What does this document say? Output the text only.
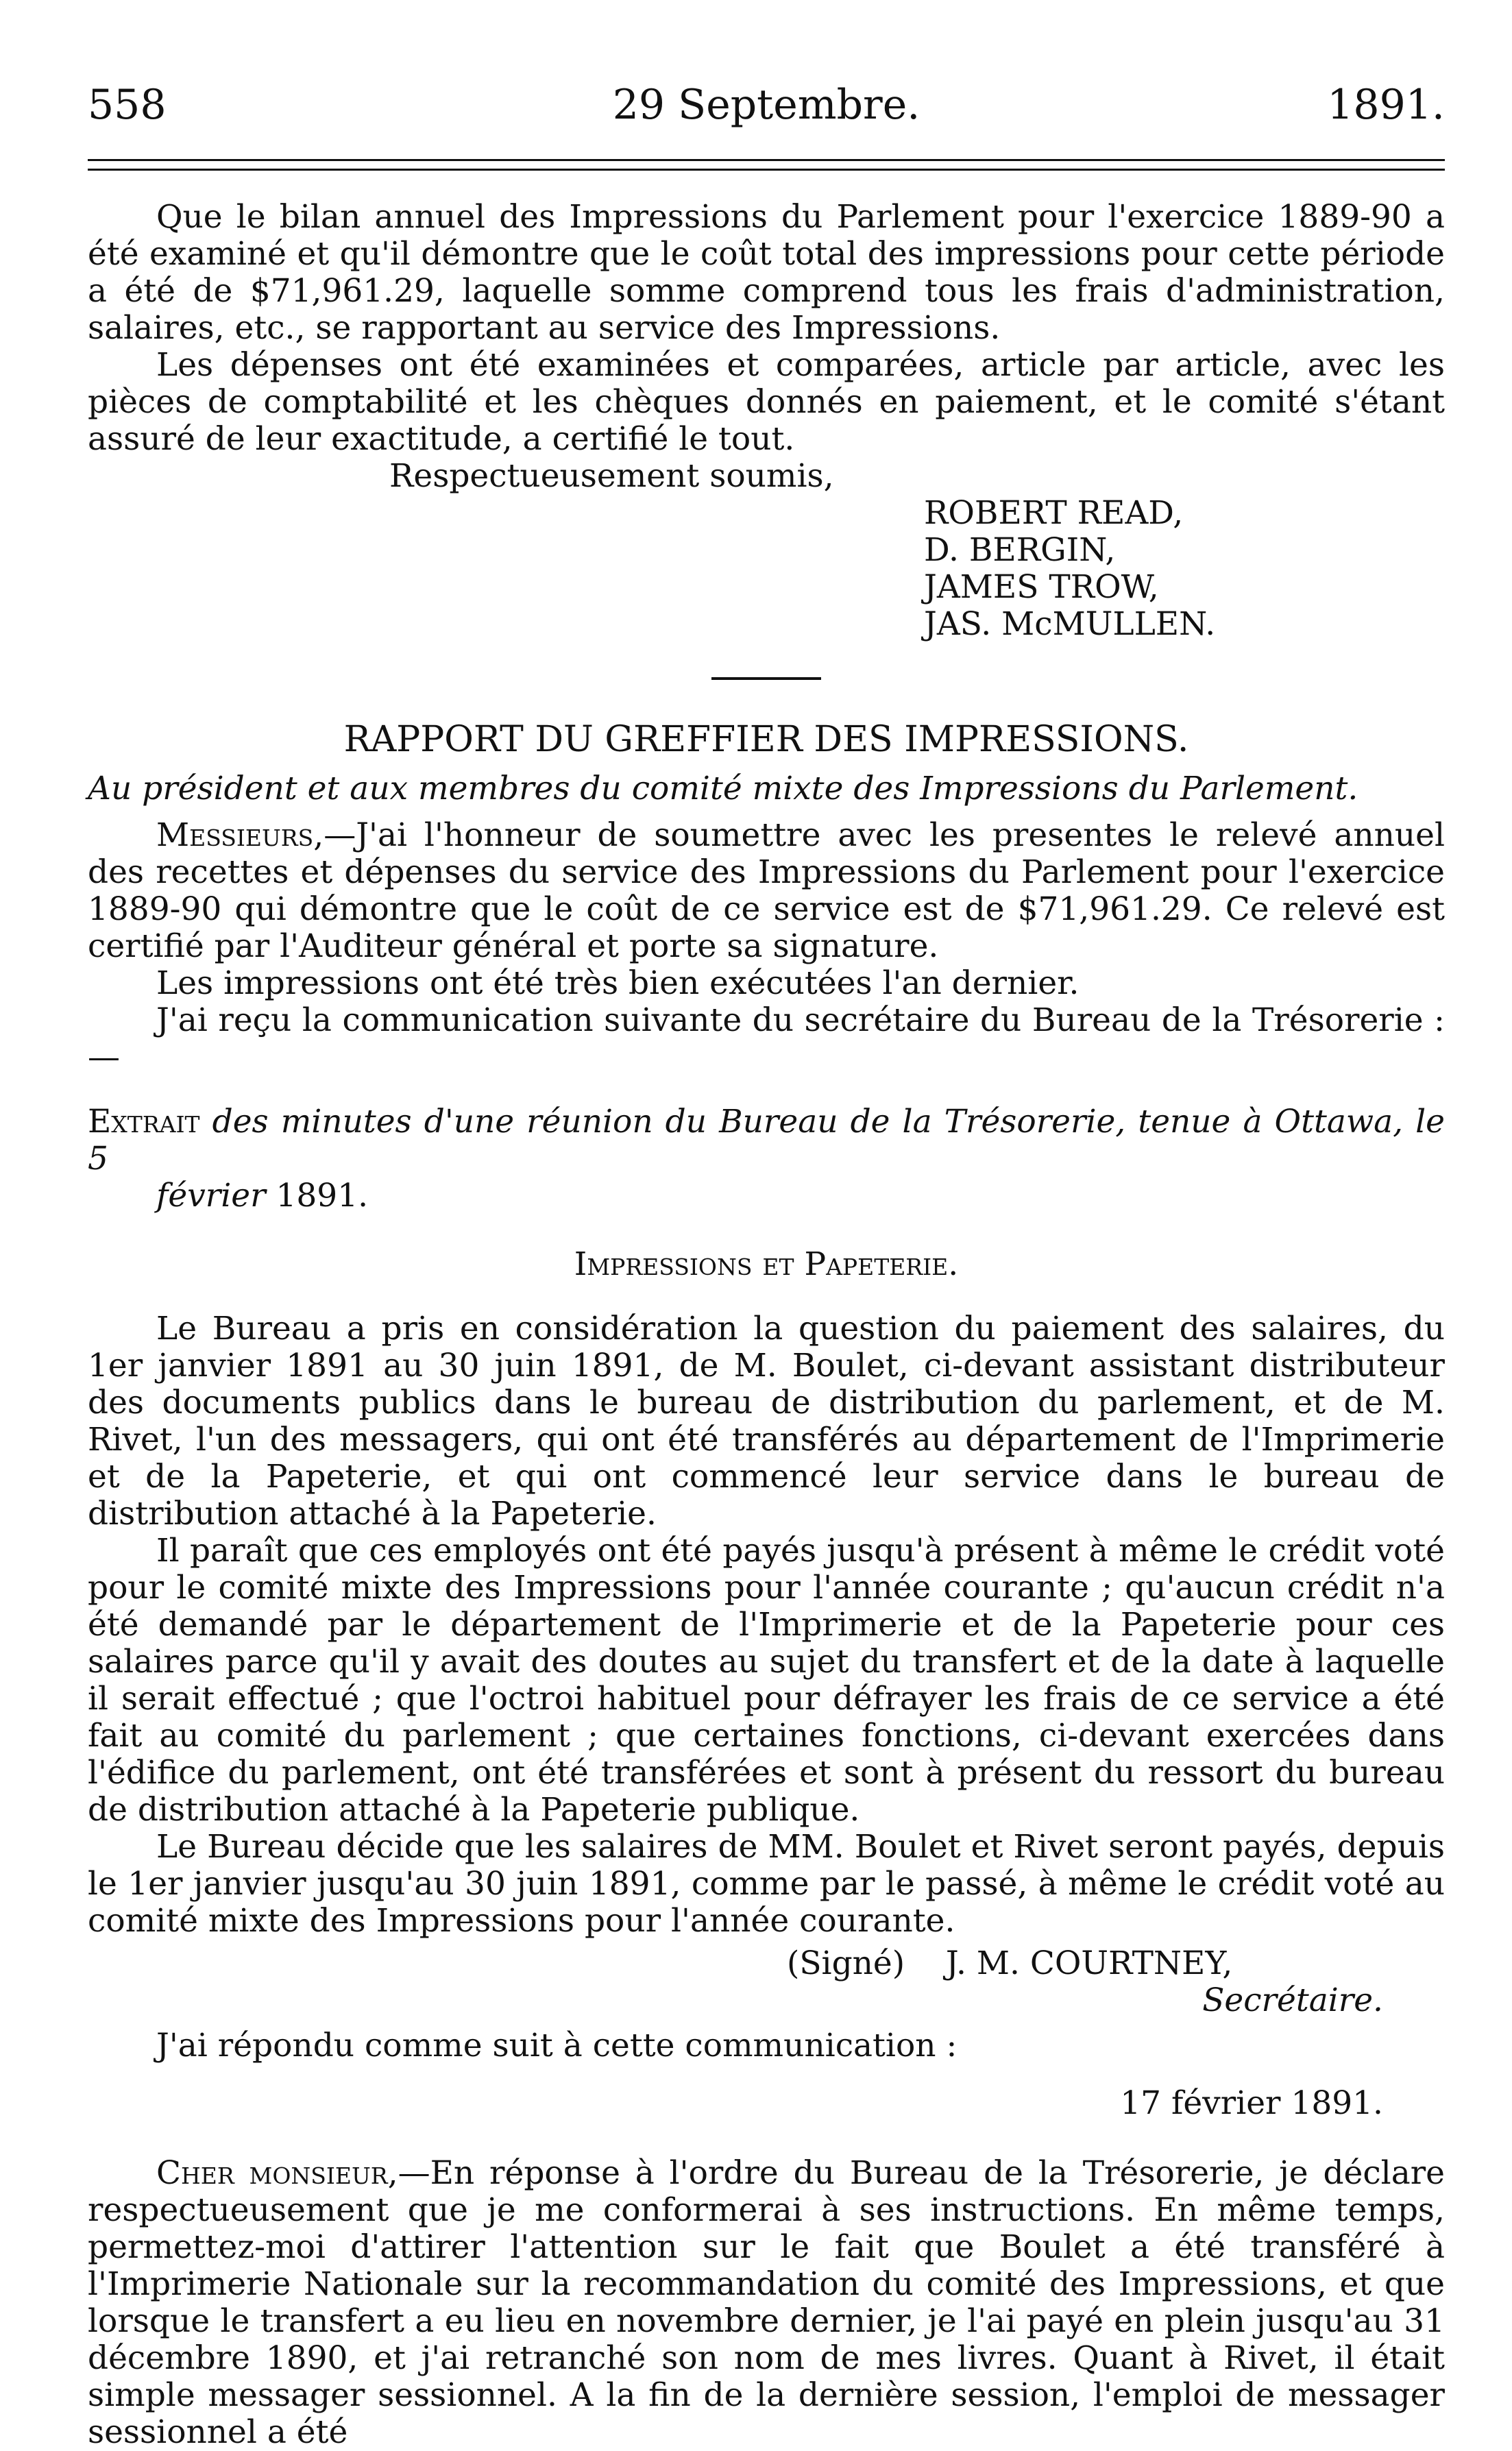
558	29 Septembre.	1891.

Que le bilan annuel des Impressions du Parlement pour l'exercice 1889-90 a été examiné et qu'il démontre que le coût total des impressions pour cette période a été de $71,961.29, laquelle somme comprend tous les frais d'administration, salaires, etc., se rapportant au service des Impressions.

Les dépenses ont été examinées et comparées, article par article, avec les pièces de comptabilité et les chèques donnés en paiement, et le comité s'étant assuré de leur exactitude, a certifié le tout.

Respectueusement soumis,
ROBERT READ,
D. BERGIN,
JAMES TROW,
JAS. McMULLEN.
RAPPORT DU GREFFIER DES IMPRESSIONS.
Au président et aux membres du comité mixte des Impressions du Parlement.

Messieurs,—J'ai l'honneur de soumettre avec les presentes le relevé annuel des recettes et dépenses du service des Impressions du Parlement pour l'exercice 1889-90 qui démontre que le coût de ce service est de $71,961.29. Ce relevé est certifié par l'Auditeur général et porte sa signature.

Les impressions ont été très bien exécutées l'an dernier.

J'ai reçu la communication suivante du secrétaire du Bureau de la Trésorerie :—

Extrait des minutes d'une réunion du Bureau de la Trésorerie, tenue à Ottawa, le 5

février 1891.

Impressions et Papeterie.

Le Bureau a pris en considération la question du paiement des salaires, du 1er janvier 1891 au 30 juin 1891, de M. Boulet, ci-devant assistant distributeur des documents publics dans le bureau de distribution du parlement, et de M. Rivet, l'un des messagers, qui ont été transférés au département de l'Imprimerie et de la Papeterie, et qui ont commencé leur service dans le bureau de distribution attaché à la Papeterie.

Il paraît que ces employés ont été payés jusqu'à présent à même le crédit voté pour le comité mixte des Impressions pour l'année courante ; qu'aucun crédit n'a été demandé par le département de l'Imprimerie et de la Papeterie pour ces salaires parce qu'il y avait des doutes au sujet du transfert et de la date à laquelle il serait effectué ; que l'octroi habituel pour défrayer les frais de ce service a été fait au comité du parlement ; que certaines fonctions, ci-devant exercées dans l'édifice du parlement, ont été transférées et sont à présent du ressort du bureau de distribution attaché à la Papeterie publique.

Le Bureau décide que les salaires de MM. Boulet et Rivet seront payés, depuis le 1er janvier jusqu'au 30 juin 1891, comme par le passé, à même le crédit voté au comité mixte des Impressions pour l'année courante.

(Signé) J. M. COURTNEY,

Secrétaire.

J'ai répondu comme suit à cette communication :

17 février 1891.

Cher monsieur,—En réponse à l'ordre du Bureau de la Trésorerie, je déclare respectueusement que je me conformerai à ses instructions. En même temps, permettez-moi d'attirer l'attention sur le fait que Boulet a été transféré à l'Imprimerie Nationale sur la recommandation du comité des Impressions, et que lorsque le transfert a eu lieu en novembre dernier, je l'ai payé en plein jusqu'au 31 décembre 1890, et j'ai retranché son nom de mes livres. Quant à Rivet, il était simple messager sessionnel. A la fin de la dernière session, l'emploi de messager sessionnel a été
